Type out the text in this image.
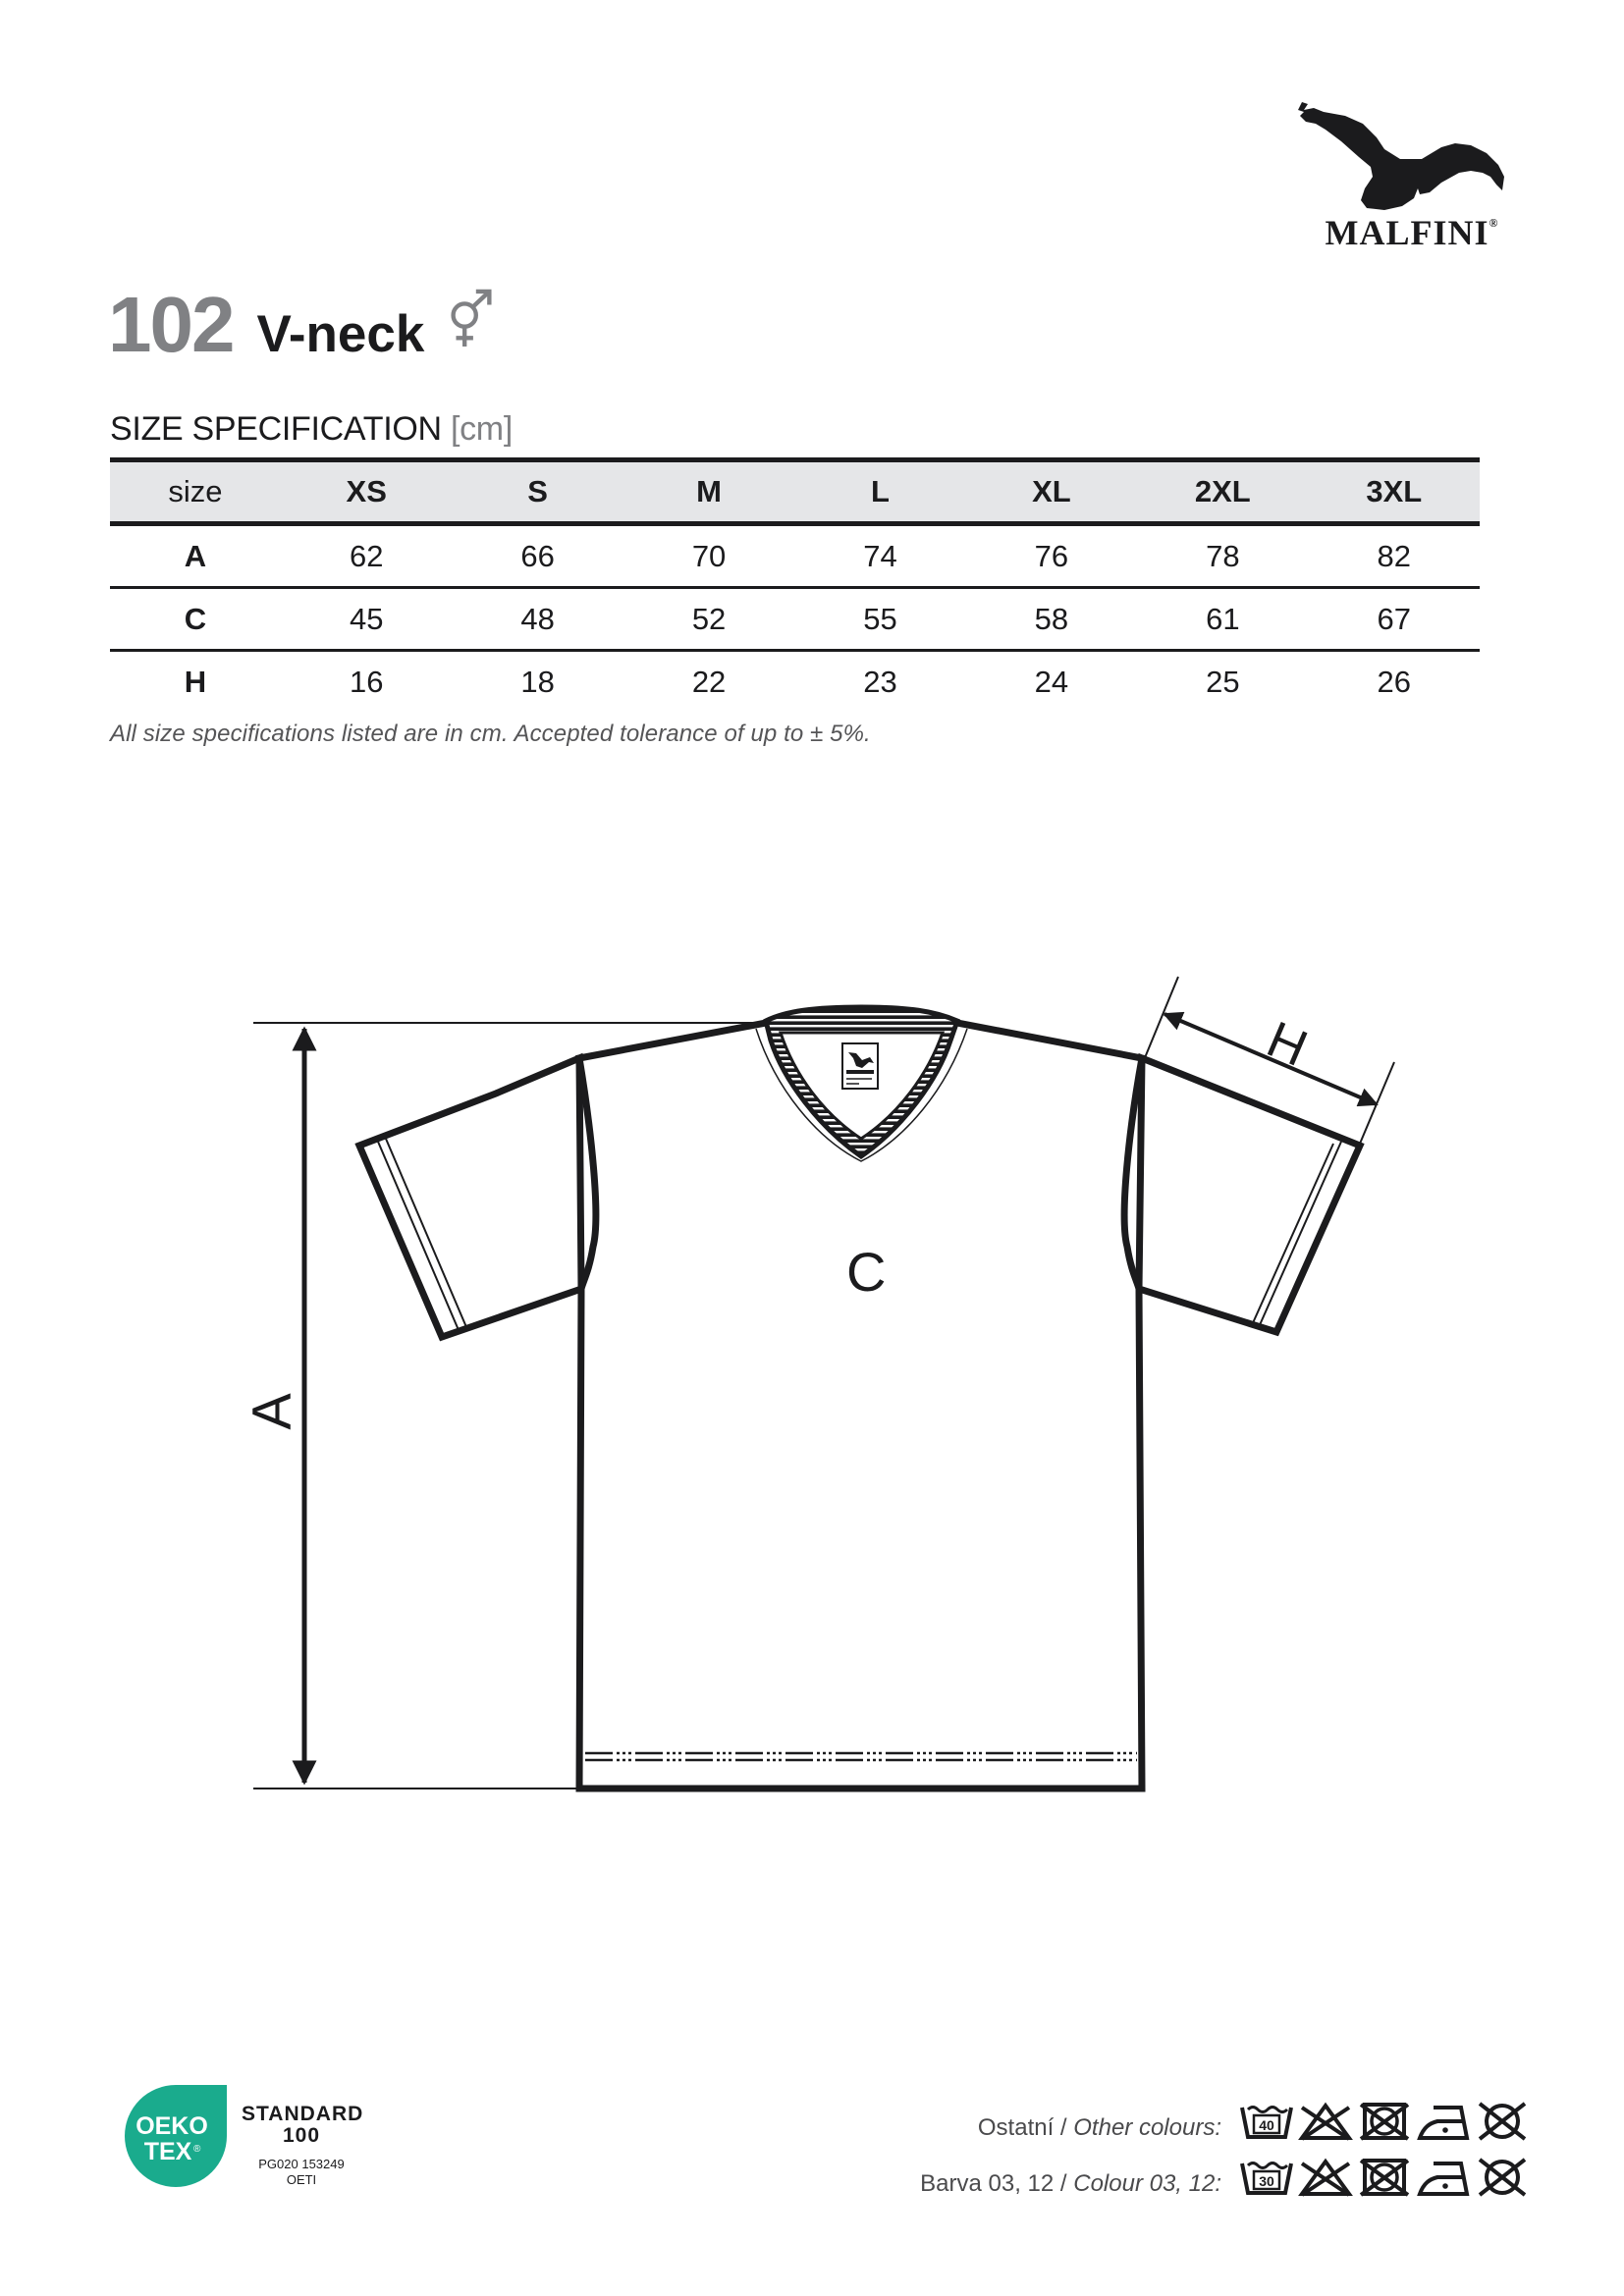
MALFINI®
102 V-neck
SIZE SPECIFICATION [cm]
size	XS	S	M	L	XL	2XL	3XL
A	62	66	70	74	76	78	82
C	45	48	52	55	58	61	67
H	16	18	22	23	24	25	26
All size specifications listed are in cm. Accepted tolerance of up to ± 5%.
A
C
H
OEKO
TEX ®
STANDARD
100
PG020 153249
OETI
Ostatní / Other colours:
Barva 03, 12 / Colour 03, 12:
40
30
